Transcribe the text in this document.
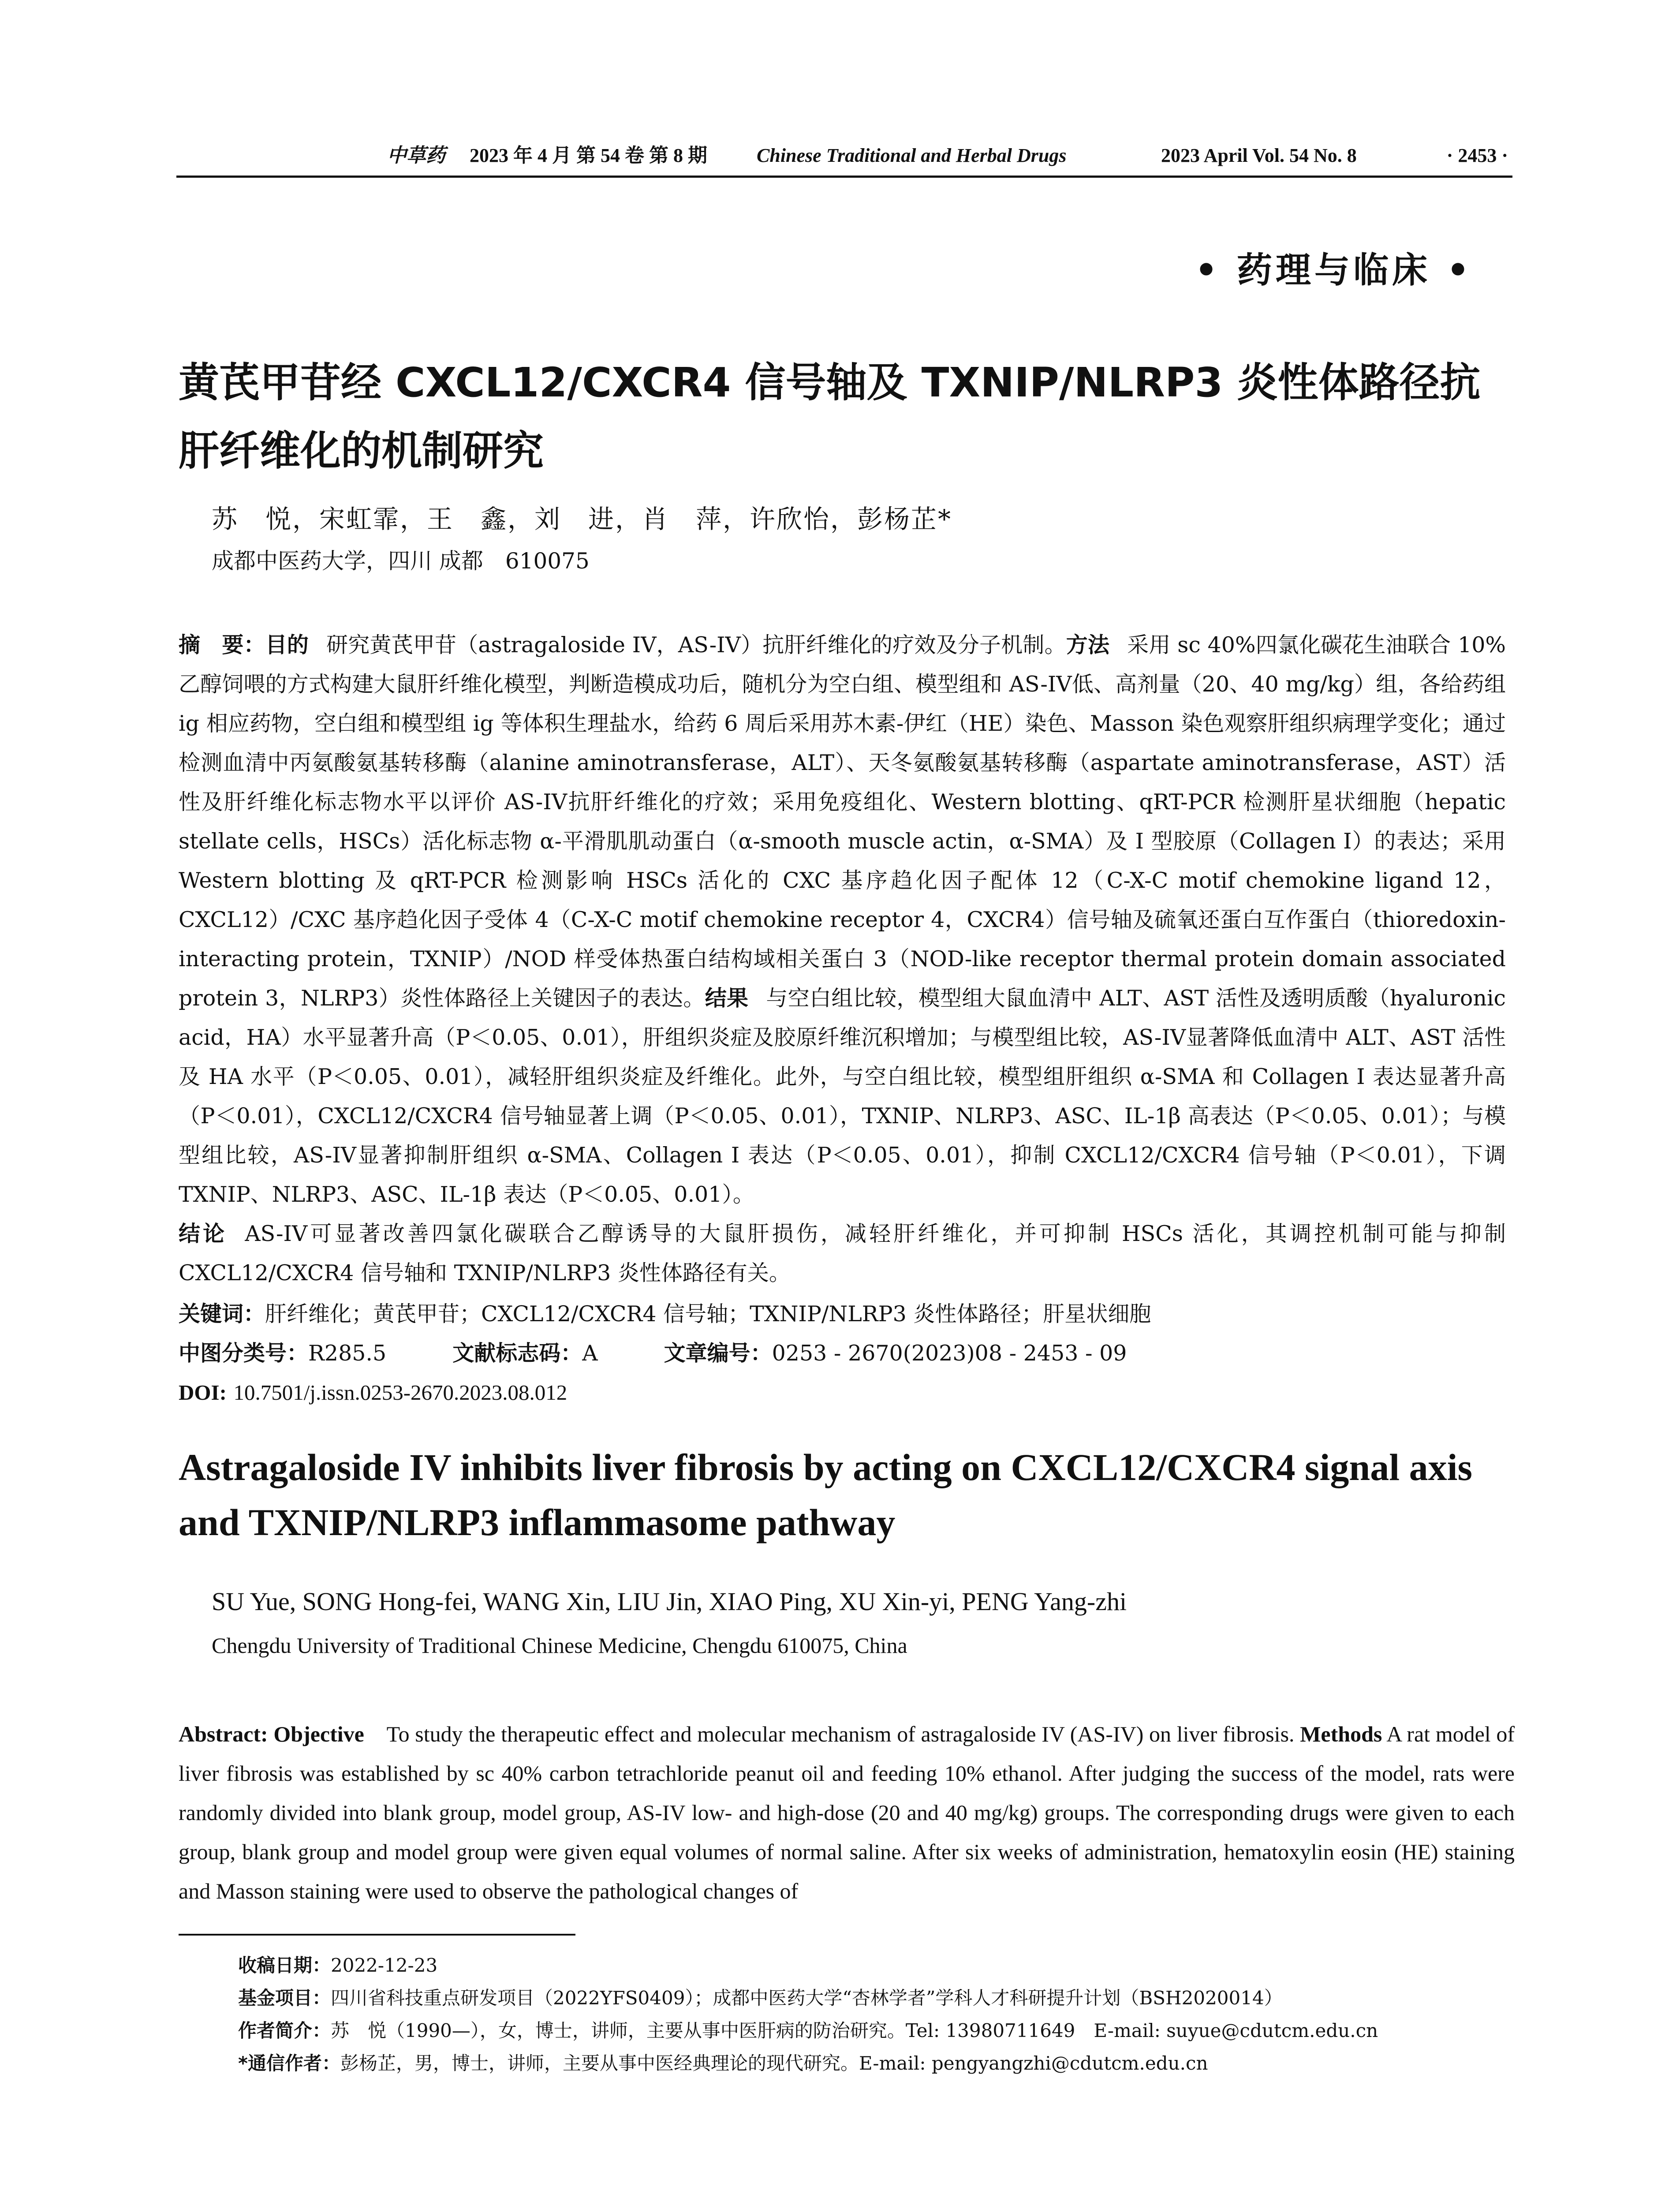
中草药 2023 年 4 月 第 54 卷 第 8 期	Chinese Traditional and Herbal Drugs	2023 April Vol. 54 No. 8	· 2453 ·
• 药理与临床 •
黄芪甲苷经 CXCL12/CXCR4 信号轴及 TXNIP/NLRP3 炎性体路径抗肝纤维化的机制研究
苏　悦，宋虹霏，王　鑫，刘　进，肖　萍，许欣怡，彭杨芷*
成都中医药大学，四川 成都　610075
摘　要：目的 研究黄芪甲苷（astragaloside IV，AS-IV）抗肝纤维化的疗效及分子机制。方法 采用 sc 40%四氯化碳花生油联合 10%乙醇饲喂的方式构建大鼠肝纤维化模型，判断造模成功后，随机分为空白组、模型组和 AS-IV低、高剂量（20、40 mg/kg）组，各给药组 ig 相应药物，空白组和模型组 ig 等体积生理盐水，给药 6 周后采用苏木素-伊红（HE）染色、Masson 染色观察肝组织病理学变化；通过检测血清中丙氨酸氨基转移酶（alanine aminotransferase，ALT）、天冬氨酸氨基转移酶（aspartate aminotransferase，AST）活性及肝纤维化标志物水平以评价 AS-IV抗肝纤维化的疗效；采用免疫组化、Western blotting、qRT-PCR 检测肝星状细胞（hepatic stellate cells，HSCs）活化标志物 α-平滑肌肌动蛋白（α-smooth muscle actin，α-SMA）及 I 型胶原（Collagen I）的表达；采用 Western blotting 及 qRT-PCR 检测影响 HSCs 活化的 CXC 基序趋化因子配体 12（C-X-C motif chemokine ligand 12，CXCL12）/CXC 基序趋化因子受体 4（C-X-C motif chemokine receptor 4，CXCR4）信号轴及硫氧还蛋白互作蛋白（thioredoxin-interacting protein，TXNIP）/NOD 样受体热蛋白结构域相关蛋白 3（NOD-like receptor thermal protein domain associated protein 3，NLRP3）炎性体路径上关键因子的表达。结果 与空白组比较，模型组大鼠血清中 ALT、AST 活性及透明质酸（hyaluronic acid，HA）水平显著升高（P＜0.05、0.01），肝组织炎症及胶原纤维沉积增加；与模型组比较，AS-IV显著降低血清中 ALT、AST 活性及 HA 水平（P＜0.05、0.01），减轻肝组织炎症及纤维化。此外，与空白组比较，模型组肝组织 α-SMA 和 Collagen I 表达显著升高（P＜0.01），CXCL12/CXCR4 信号轴显著上调（P＜0.05、0.01），TXNIP、NLRP3、ASC、IL-1β 高表达（P＜0.05、0.01）；与模型组比较，AS-IV显著抑制肝组织 α-SMA、Collagen I 表达（P＜0.05、0.01），抑制 CXCL12/CXCR4 信号轴（P＜0.01），下调 TXNIP、NLRP3、ASC、IL-1β 表达（P＜0.05、0.01）。
结论 AS-IV可显著改善四氯化碳联合乙醇诱导的大鼠肝损伤，减轻肝纤维化，并可抑制 HSCs 活化，其调控机制可能与抑制 CXCL12/CXCR4 信号轴和 TXNIP/NLRP3 炎性体路径有关。
关键词：肝纤维化；黄芪甲苷；CXCL12/CXCR4 信号轴；TXNIP/NLRP3 炎性体路径；肝星状细胞
中图分类号：R285.5	文献标志码：A	文章编号：0253 - 2670(2023)08 - 2453 - 09
DOI: 10.7501/j.issn.0253-2670.2023.08.012
Astragaloside IV inhibits liver fibrosis by acting on CXCL12/CXCR4 signal axis and TXNIP/NLRP3 inflammasome pathway
SU Yue, SONG Hong-fei, WANG Xin, LIU Jin, XIAO Ping, XU Xin-yi, PENG Yang-zhi
Chengdu University of Traditional Chinese Medicine, Chengdu 610075, China
Abstract: Objective To study the therapeutic effect and molecular mechanism of astragaloside IV (AS-IV) on liver fibrosis. Methods A rat model of liver fibrosis was established by sc 40% carbon tetrachloride peanut oil and feeding 10% ethanol. After judging the success of the model, rats were randomly divided into blank group, model group, AS-IV low- and high-dose (20 and 40 mg/kg) groups. The corresponding drugs were given to each group, blank group and model group were given equal volumes of normal saline. After six weeks of administration, hematoxylin eosin (HE) staining and Masson staining were used to observe the pathological changes of
收稿日期：2022-12-23
基金项目：四川省科技重点研发项目（2022YFS0409）；成都中医药大学“杏林学者”学科人才科研提升计划（BSH2020014）
作者简介：苏　悦（1990—），女，博士，讲师，主要从事中医肝病的防治研究。Tel: 13980711649　E-mail: suyue@cdutcm.edu.cn
*通信作者：彭杨芷，男，博士，讲师，主要从事中医经典理论的现代研究。E-mail: pengyangzhi@cdutcm.edu.cn
